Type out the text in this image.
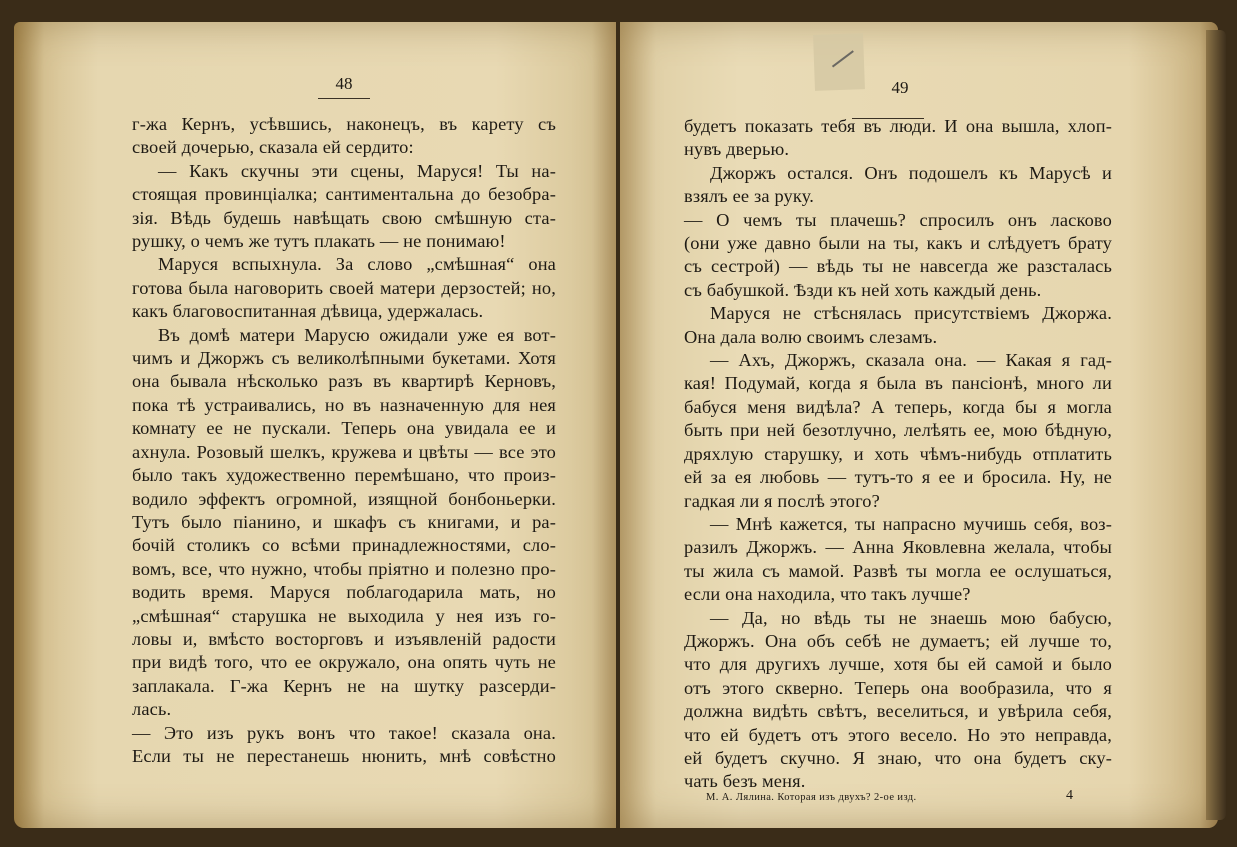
48
г-жа Кернъ, усѣвшись, наконецъ, въ карету съ
своей дочерью, сказала ей сердито:
— Какъ скучны эти сцены, Маруся! Ты на-
стоящая провинціалка; сантиментальна до безобра-
зія. Вѣдь будешь навѣщать свою смѣшную ста-
рушку, о чемъ же тутъ плакать — не понимаю!
Маруся вспыхнула. За слово „смѣшная“ она
готова была наговорить своей матери дерзостей; но,
какъ благовоспитанная дѣвица, удержалась.
Въ домѣ матери Марусю ожидали уже ея вот-
чимъ и Джоржъ съ великолѣпными букетами. Хотя
она бывала нѣсколько разъ въ квартирѣ Керновъ,
пока тѣ устраивались, но въ назначенную для нея
комнату ее не пускали. Теперь она увидала ее и
ахнула. Розовый шелкъ, кружева и цвѣты — все это
было такъ художественно перемѣшано, что произ-
водило эффектъ огромной, изящной бонбоньерки.
Тутъ было піанино, и шкафъ съ книгами, и ра-
бочій столикъ со всѣми принадлежностями, сло-
вомъ, все, что нужно, чтобы пріятно и полезно про-
водить время. Маруся поблагодарила мать, но
„смѣшная“ старушка не выходила у нея изъ го-
ловы и, вмѣсто восторговъ и изъявленій радости
при видѣ того, что ее окружало, она опять чуть не
заплакала. Г-жа Кернъ не на шутку разсерди-
лась.
— Это изъ рукъ вонъ что такое! сказала она.
Если ты не перестанешь нюнить, мнѣ совѣстно
49
будетъ показать тебя въ люди. И она вышла, хлоп-
нувъ дверью.
Джоржъ остался. Онъ подошелъ къ Марусѣ и
взялъ ее за руку.
— О чемъ ты плачешь? спросилъ онъ ласково
(они уже давно были на ты, какъ и слѣдуетъ брату
съ сестрой) — вѣдь ты не навсегда же разсталась
съ бабушкой. Ѣзди къ ней хоть каждый день.
Маруся не стѣснялась присутствіемъ Джоржа.
Она дала волю своимъ слезамъ.
— Ахъ, Джоржъ, сказала она. — Какая я гад-
кая! Подумай, когда я была въ пансіонѣ, много ли
бабуся меня видѣла? А теперь, когда бы я могла
быть при ней безотлучно, лелѣять ее, мою бѣдную,
дряхлую старушку, и хоть чѣмъ-нибудь отплатить
ей за ея любовь — тутъ-то я ее и бросила. Ну, не
гадкая ли я послѣ этого?
— Мнѣ кажется, ты напрасно мучишь себя, воз-
разилъ Джоржъ. — Анна Яковлевна желала, чтобы
ты жила съ мамой. Развѣ ты могла ее ослушаться,
если она находила, что такъ лучше?
— Да, но вѣдь ты не знаешь мою бабусю,
Джоржъ. Она объ себѣ не думаетъ; ей лучше то,
что для другихъ лучше, хотя бы ей самой и было
отъ этого скверно. Теперь она вообразила, что я
должна видѣть свѣтъ, веселиться, и увѣрила себя,
что ей будетъ отъ этого весело. Но это неправда,
ей будетъ скучно. Я знаю, что она будетъ ску-
чать безъ меня.
М. А. Лялина. Которая изъ двухъ? 2-ое изд.	4
